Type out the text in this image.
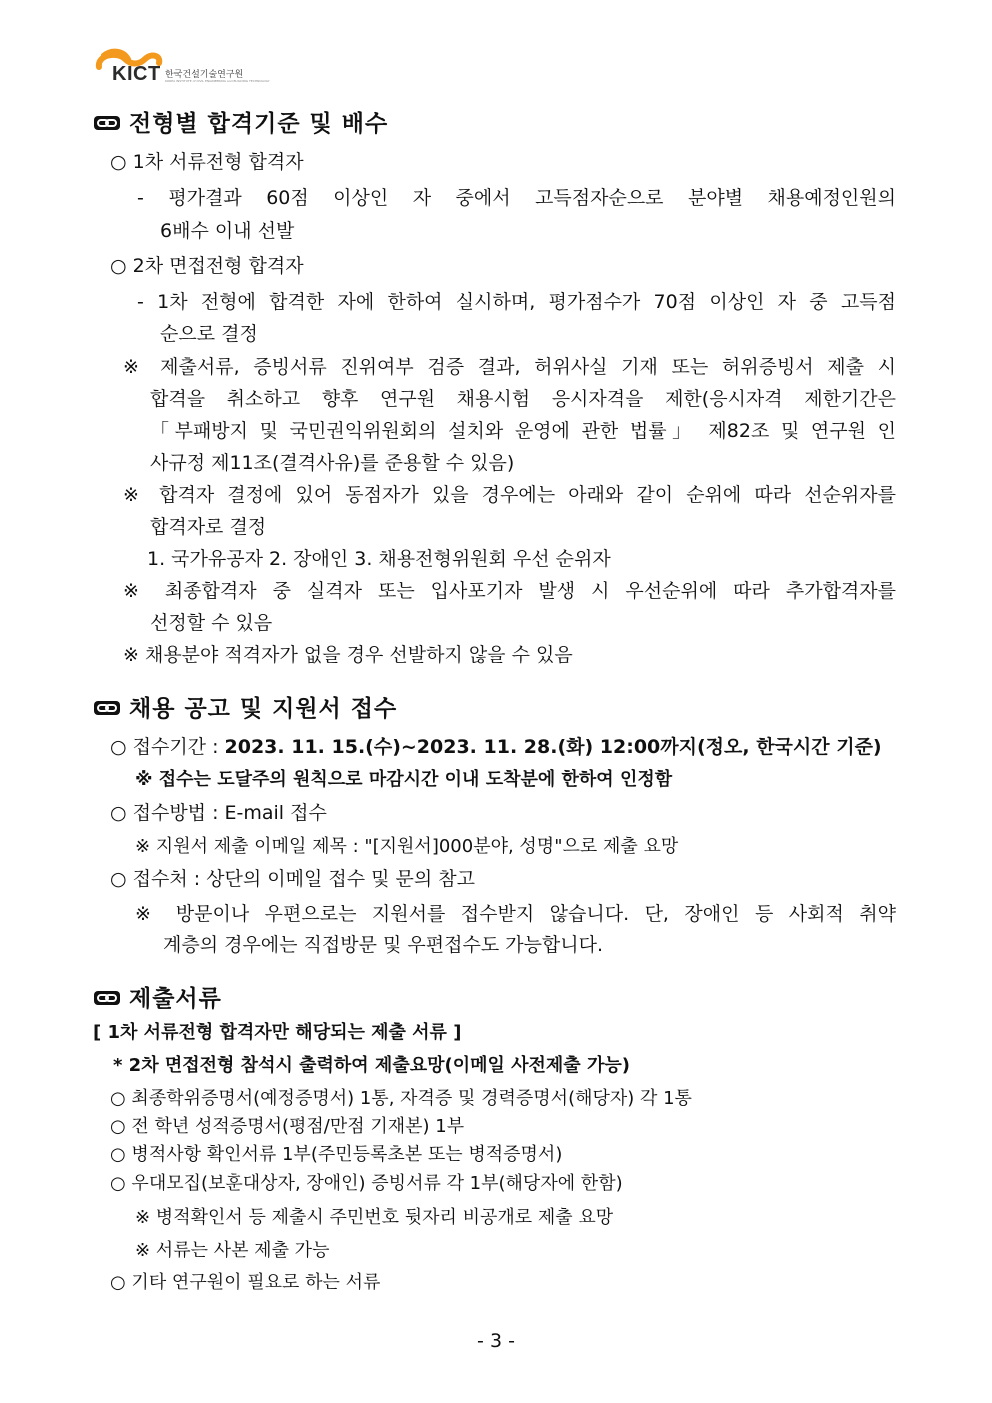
KICT 한국건설기술연구원
KOREA INSTITUTE of CIVIL ENGINEERING and BUILDING TECHNOLOGY
전형별 합격기준 및 배수
○ 1차 서류전형 합격자
- 평가결과 60점 이상인 자 중에서 고득점자순으로 분야별 채용예정인원의
6배수 이내 선발
○ 2차 면접전형 합격자
- 1차 전형에 합격한 자에 한하여 실시하며, 평가점수가 70점 이상인 자 중 고득점
순으로 결정
※ 제출서류, 증빙서류 진위여부 검증 결과, 허위사실 기재 또는 허위증빙서 제출 시
합격을 취소하고 향후 연구원 채용시험 응시자격을 제한(응시자격 제한기간은
「부패방지 및 국민권익위원회의 설치와 운영에 관한 법률」 제82조 및 연구원 인
사규정 제11조(결격사유)를 준용할 수 있음)
※ 합격자 결정에 있어 동점자가 있을 경우에는 아래와 같이 순위에 따라 선순위자를
합격자로 결정
1. 국가유공자 2. 장애인 3. 채용전형위원회 우선 순위자
※ 최종합격자 중 실격자 또는 입사포기자 발생 시 우선순위에 따라 추가합격자를
선정할 수 있음
※ 채용분야 적격자가 없을 경우 선발하지 않을 수 있음
채용 공고 및 지원서 접수
○ 접수기간 : 2023. 11. 15.(수)~2023. 11. 28.(화) 12:00까지(정오, 한국시간 기준)
※ 접수는 도달주의 원칙으로 마감시간 이내 도착분에 한하여 인정함
○ 접수방법 : E-mail 접수
※ 지원서 제출 이메일 제목 : "[지원서]000분야, 성명"으로 제출 요망
○ 접수처 : 상단의 이메일 접수 및 문의 참고
※ 방문이나 우편으로는 지원서를 접수받지 않습니다. 단, 장애인 등 사회적 취약
계층의 경우에는 직접방문 및 우편접수도 가능합니다.
제출서류
[ 1차 서류전형 합격자만 해당되는 제출 서류 ]
* 2차 면접전형 참석시 출력하여 제출요망(이메일 사전제출 가능)
○ 최종학위증명서(예정증명서) 1통, 자격증 및 경력증명서(해당자) 각 1통
○ 전 학년 성적증명서(평점/만점 기재본) 1부
○ 병적사항 확인서류 1부(주민등록초본 또는 병적증명서)
○ 우대모집(보훈대상자, 장애인) 증빙서류 각 1부(해당자에 한함)
※ 병적확인서 등 제출시 주민번호 뒷자리 비공개로 제출 요망
※ 서류는 사본 제출 가능
○ 기타 연구원이 필요로 하는 서류
- 3 -
